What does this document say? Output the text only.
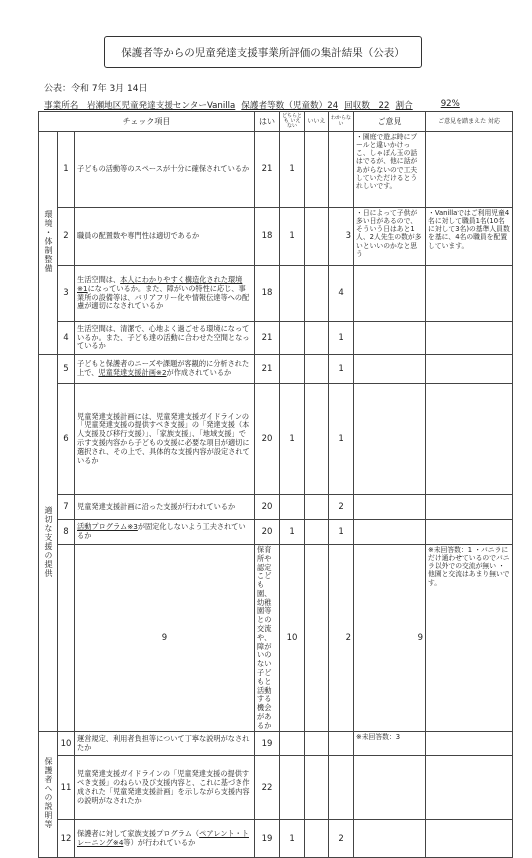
保護者等からの児童発達支援事業所評価の集計結果（公表）
公表：令和 7年 3月 14日
事業所名　岩瀬地区児童発達支援センターVanilla 保護者等数（児童数）24 回収数　22 割合	92%
チェック項目			はい	どちらとも いえない	いいえ	わからない	ご意見	ご意見を踏まえた 対応	
環境・体制整備	1	子どもの活動等のスペースが十分に確保されているか	21	1			・園庭で遊ぶ時にプールと違いかけっこ、しゃぼん玉の話はでるが、他に話があがらないので工夫していただけるとうれしいです。		
	2	職員の配置数や専門性は適切であるか	18	1		3	・日によって子供が多い日があるので、そういう日はあと1人、2人先生の数が多いといいのかなと思う	・Vanillaではご利用児童4名に対して職員1名(10名に対して3名)の基準人員数を基に、4名の職員を配置しています。	
	3	生活空間は、本人にわかりやすく構造化された環境※1になっているか。また、障がいの特性に応じ、事業所の設備等は、バリアフリー化や情報伝達等への配慮が適切になされているか	18			4			
	4	生活空間は、清潔で、心地よく過ごせる環境になっているか。また、子ども達の活動に合わせた空間となっているか	21			1			
適切な支援の提供	5	子どもと保護者のニーズや課題が客観的に分析された上で、児童発達支援計画※2が作成されているか	21			1			
	6	児童発達支援計画には、児童発達支援ガイドラインの「児童発達支援の提供すべき支援」の「発達支援（本人支援及び移行支援）」、「家族支援」、「地域支援」で示す支援内容から子どもの支援に必要な項目が適切に選択され、その上で、具体的な支援内容が設定されているか	20	1		1			
	7	児童発達支援計画に沿った支援が行われているか	20			2			
	8	活動プログラム※3が固定化しないよう工夫されているか	20	1		1			
		9	保育所や認定こども園、幼稚園等との交流や、障がいのない子どもと活動する機会があるか	10		2	9	※未回答数：1 ・バニラにだけ通わせているのでバニラ以外での交流が無い ・他園と交流はあまり無いです。	
保護者への説明等	10	運営規定、利用者負担等について丁寧な説明がなされたか	19				※未回答数：3		
	11	児童発達支援ガイドラインの「児童発達支援の提供すべき支援」のねらい及び支援内容と、これに基づき作成された「児童発達支援計画」を示しながら支援内容の説明がなされたか	22						
	12	保護者に対して家族支援プログラム（ペアレント・トレーニング※4等）が行われているか	19	1		2			
